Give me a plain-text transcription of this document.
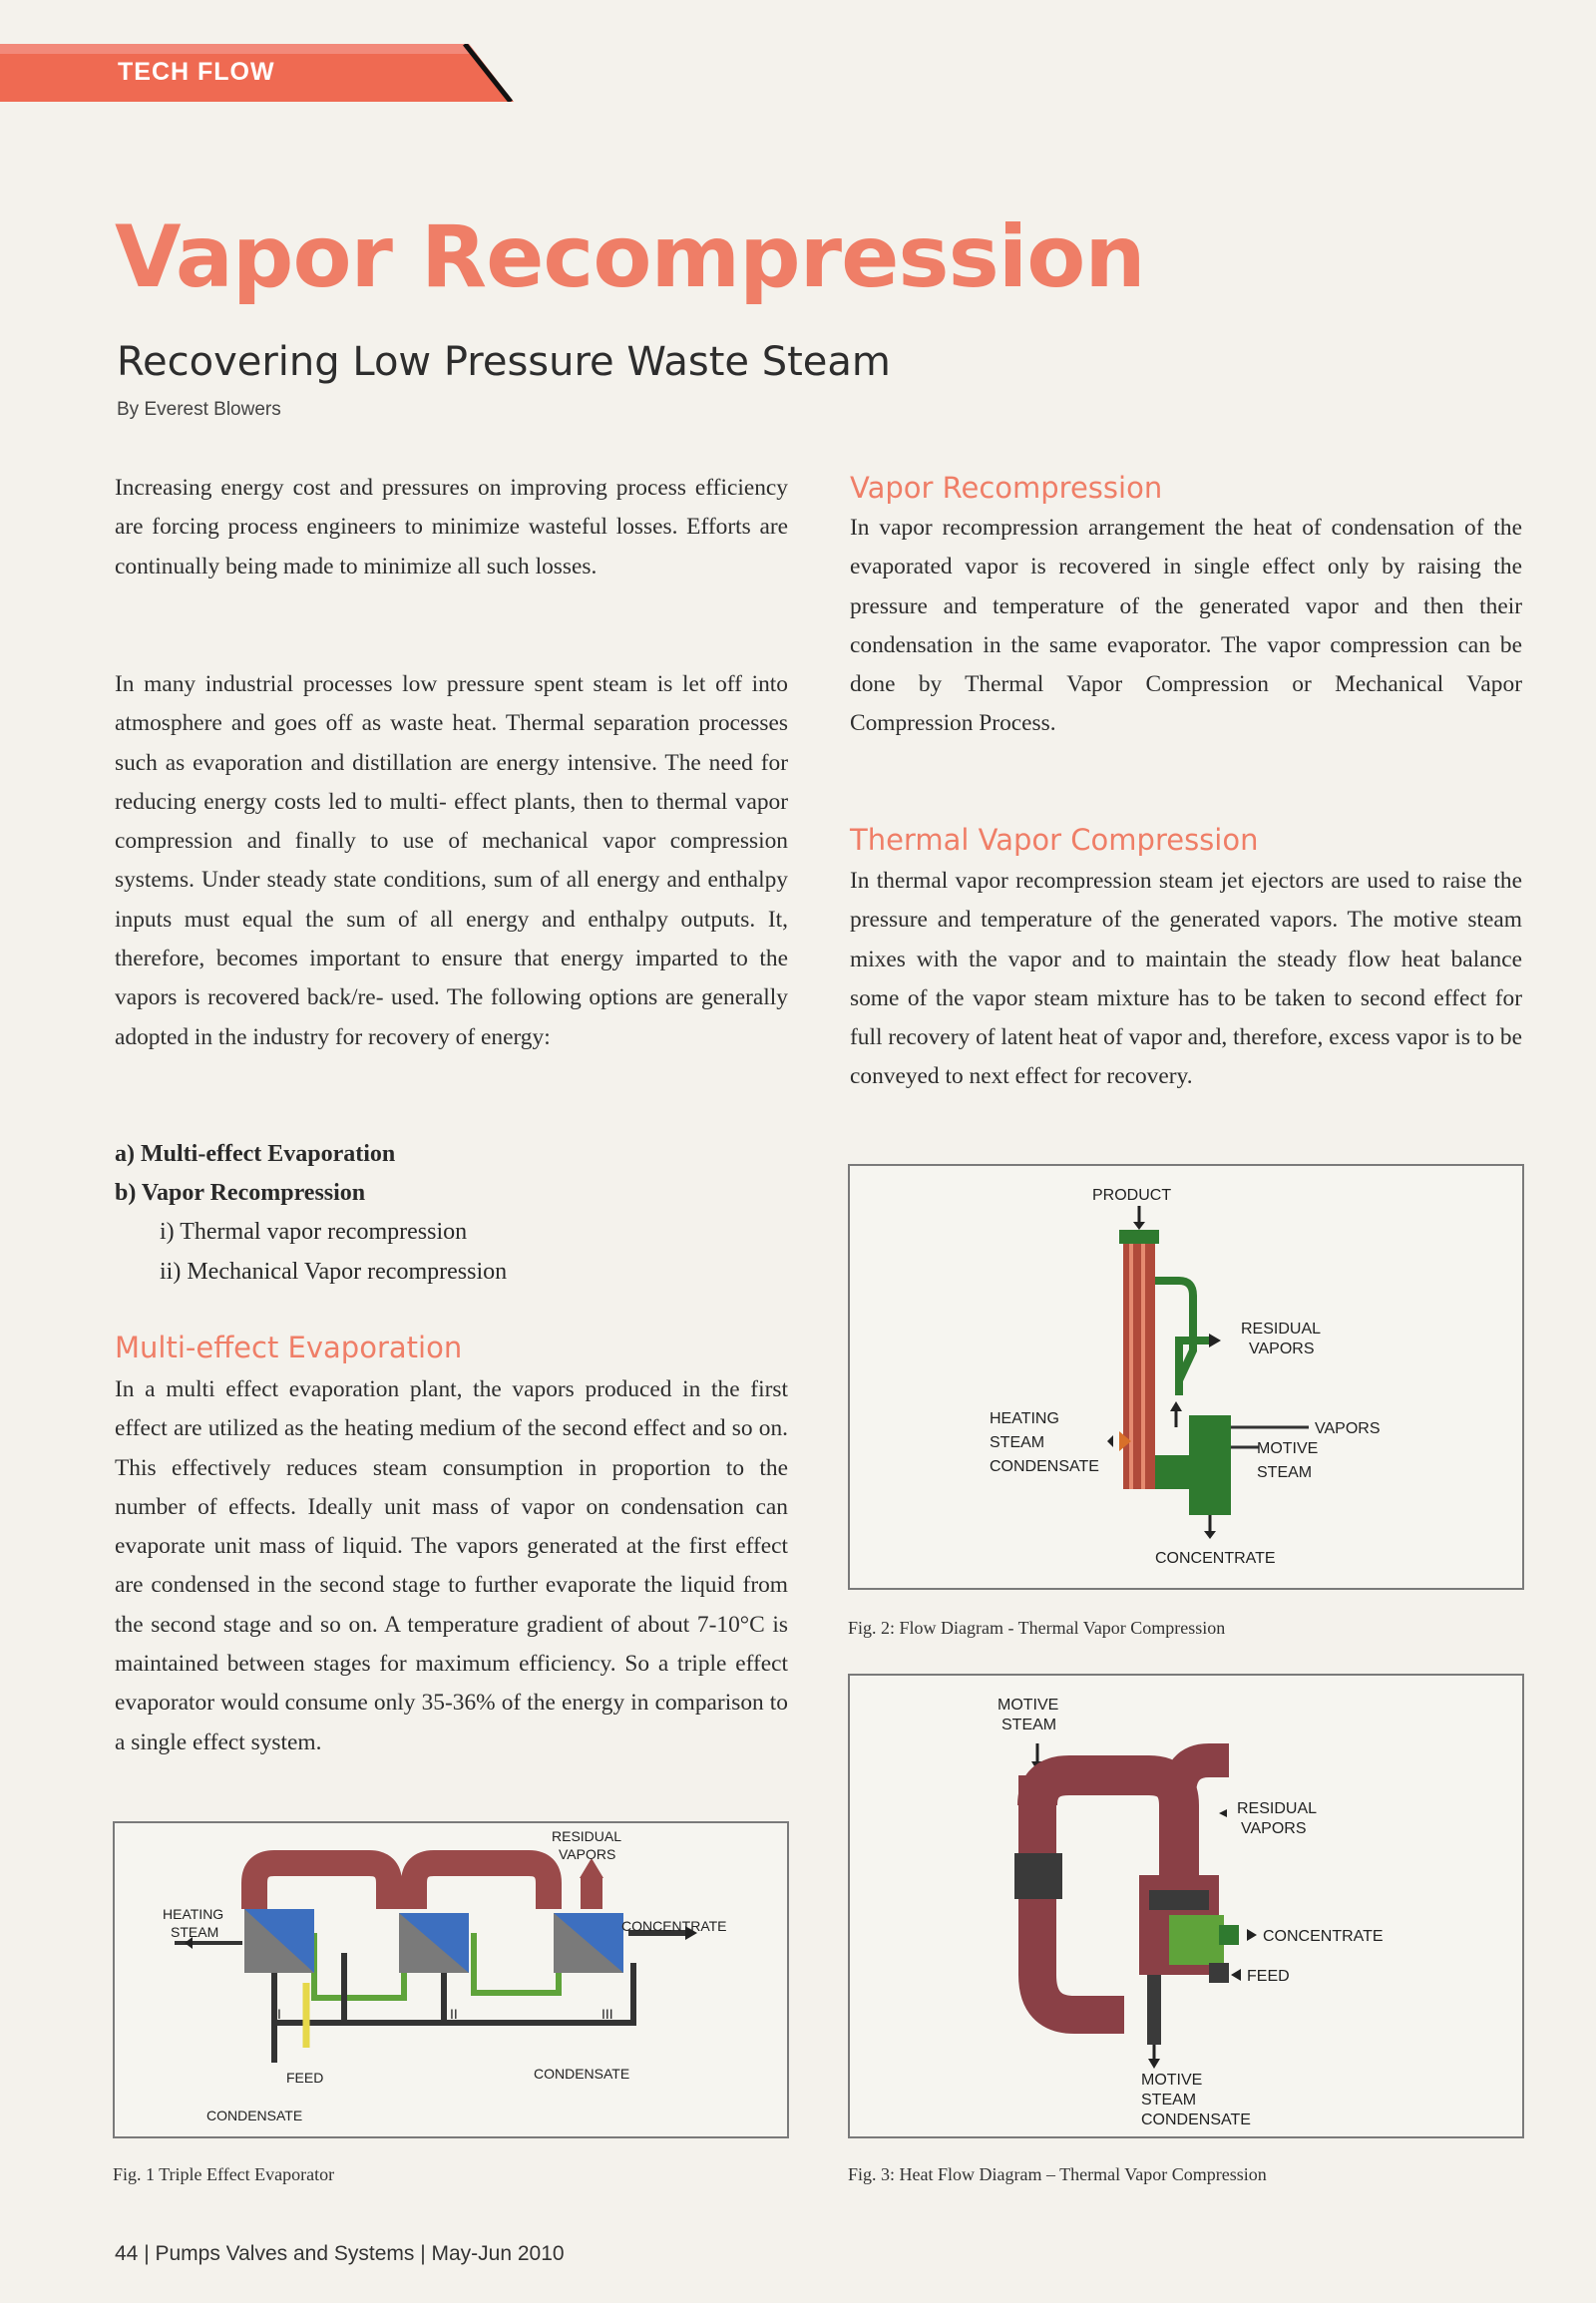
TECH FLOW
Vapor Recompression
Recovering Low Pressure Waste Steam
By Everest Blowers

Increasing energy cost and pressures on improving process efficiency are forcing process engineers to minimize wasteful losses. Efforts are continually being made to minimize all such losses.

In many industrial processes low pressure spent steam is let off into atmosphere and goes off as waste heat. Thermal separation processes such as evaporation and distillation are energy intensive. The need for reducing energy costs led to multi- effect plants, then to thermal vapor compression and finally to use of mechanical vapor compression systems. Under steady state conditions, sum of all energy and enthalpy inputs must equal the sum of all energy and enthalpy outputs. It, therefore, becomes important to ensure that energy imparted to the vapors is recovered back/re- used. The following options are generally adopted in the industry for recovery of energy:

a) Multi-effect Evaporation
b) Vapor Recompression
i) Thermal vapor recompression
ii) Mechanical Vapor recompression
Multi-effect Evaporation

In a multi effect evaporation plant, the vapors produced in the first effect are utilized as the heating medium of the second effect and so on. This effectively reduces steam consumption in proportion to the number of effects. Ideally unit mass of vapor on condensation can evaporate unit mass of liquid. The vapors generated at the first effect are condensed in the second stage to further evaporate the liquid from the second stage and so on. A temperature gradient of about 7-10°C is maintained between stages for maximum efficiency. So a triple effect evaporator would consume only 35-36% of the energy in comparison to a single effect system.

HEATING
STEAM
RESIDUAL
VAPORS
CONCENTRATE
CONDENSATE
FEED
CONDENSATE
I	II	III
Fig. 1 Triple Effect Evaporator
Vapor Recompression

In vapor recompression arrangement the heat of condensation of the evaporated vapor is recovered in single effect only by raising the pressure and temperature of the generated vapor and then their condensation in the same evaporator. The vapor compression can be done by Thermal Vapor Compression or Mechanical Vapor Compression Process.

Thermal Vapor Compression

In thermal vapor recompression steam jet ejectors are used to raise the pressure and temperature of the generated vapors. The motive steam mixes with the vapor and to maintain the steady flow heat balance some of the vapor steam mixture has to be taken to second effect for full recovery of latent heat of vapor and, therefore, excess vapor is to be conveyed to next effect for recovery.

PRODUCT
RESIDUAL
VAPORS
HEATING
STEAM
CONDENSATE
VAPORS
MOTIVE
STEAM
CONCENTRATE
Fig. 2: Flow Diagram - Thermal Vapor Compression
MOTIVE
STEAM
RESIDUAL
VAPORS
CONCENTRATE
FEED
MOTIVE
STEAM
CONDENSATE
Fig. 3: Heat Flow Diagram – Thermal Vapor Compression
44 | Pumps Valves and Systems | May-Jun 2010
